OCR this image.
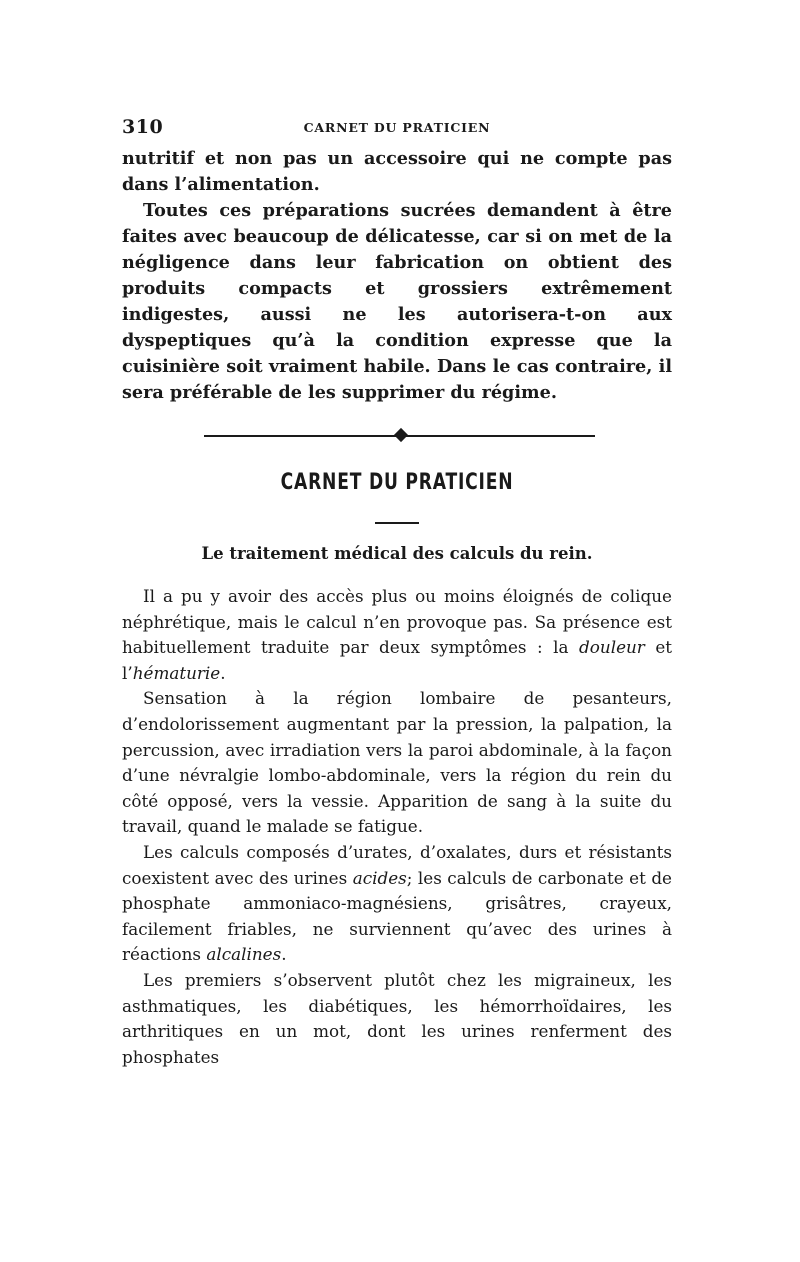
310	CARNET DU PRATICIEN

nutritif et non pas un accessoire qui ne compte pas dans l’alimentation.

Toutes ces préparations sucrées demandent à être faites avec beaucoup de délicatesse, car si on met de la négligence dans leur fabrication on obtient des produits compacts et grossiers extrêmement indigestes, aussi ne les autorisera-t-on aux dyspeptiques qu’à la condition expresse que la cuisinière soit vraiment habile. Dans le cas contraire, il sera préférable de les supprimer du régime.

CARNET DU PRATICIEN
Le traitement médical des calculs du rein.

Il a pu y avoir des accès plus ou moins éloignés de colique néphrétique, mais le calcul n’en provoque pas. Sa présence est habituellement traduite par deux symptômes : la douleur et l’hématurie.

Sensation à la région lombaire de pesanteurs, d’endolorissement augmentant par la pression, la palpation, la percussion, avec irradiation vers la paroi abdominale, à la façon d’une névralgie lombo-abdominale, vers la région du rein du côté opposé, vers la vessie. Apparition de sang à la suite du travail, quand le malade se fatigue.

Les calculs composés d’urates, d’oxalates, durs et résistants coexistent avec des urines acides; les calculs de carbonate et de phosphate ammoniaco-magnésiens, grisâtres, crayeux, facilement friables, ne surviennent qu’avec des urines à réactions alcalines.

Les premiers s’observent plutôt chez les migraineux, les asthmatiques, les diabétiques, les hémorrhoïdaires, les arthritiques en un mot, dont les urines renferment des phosphates
